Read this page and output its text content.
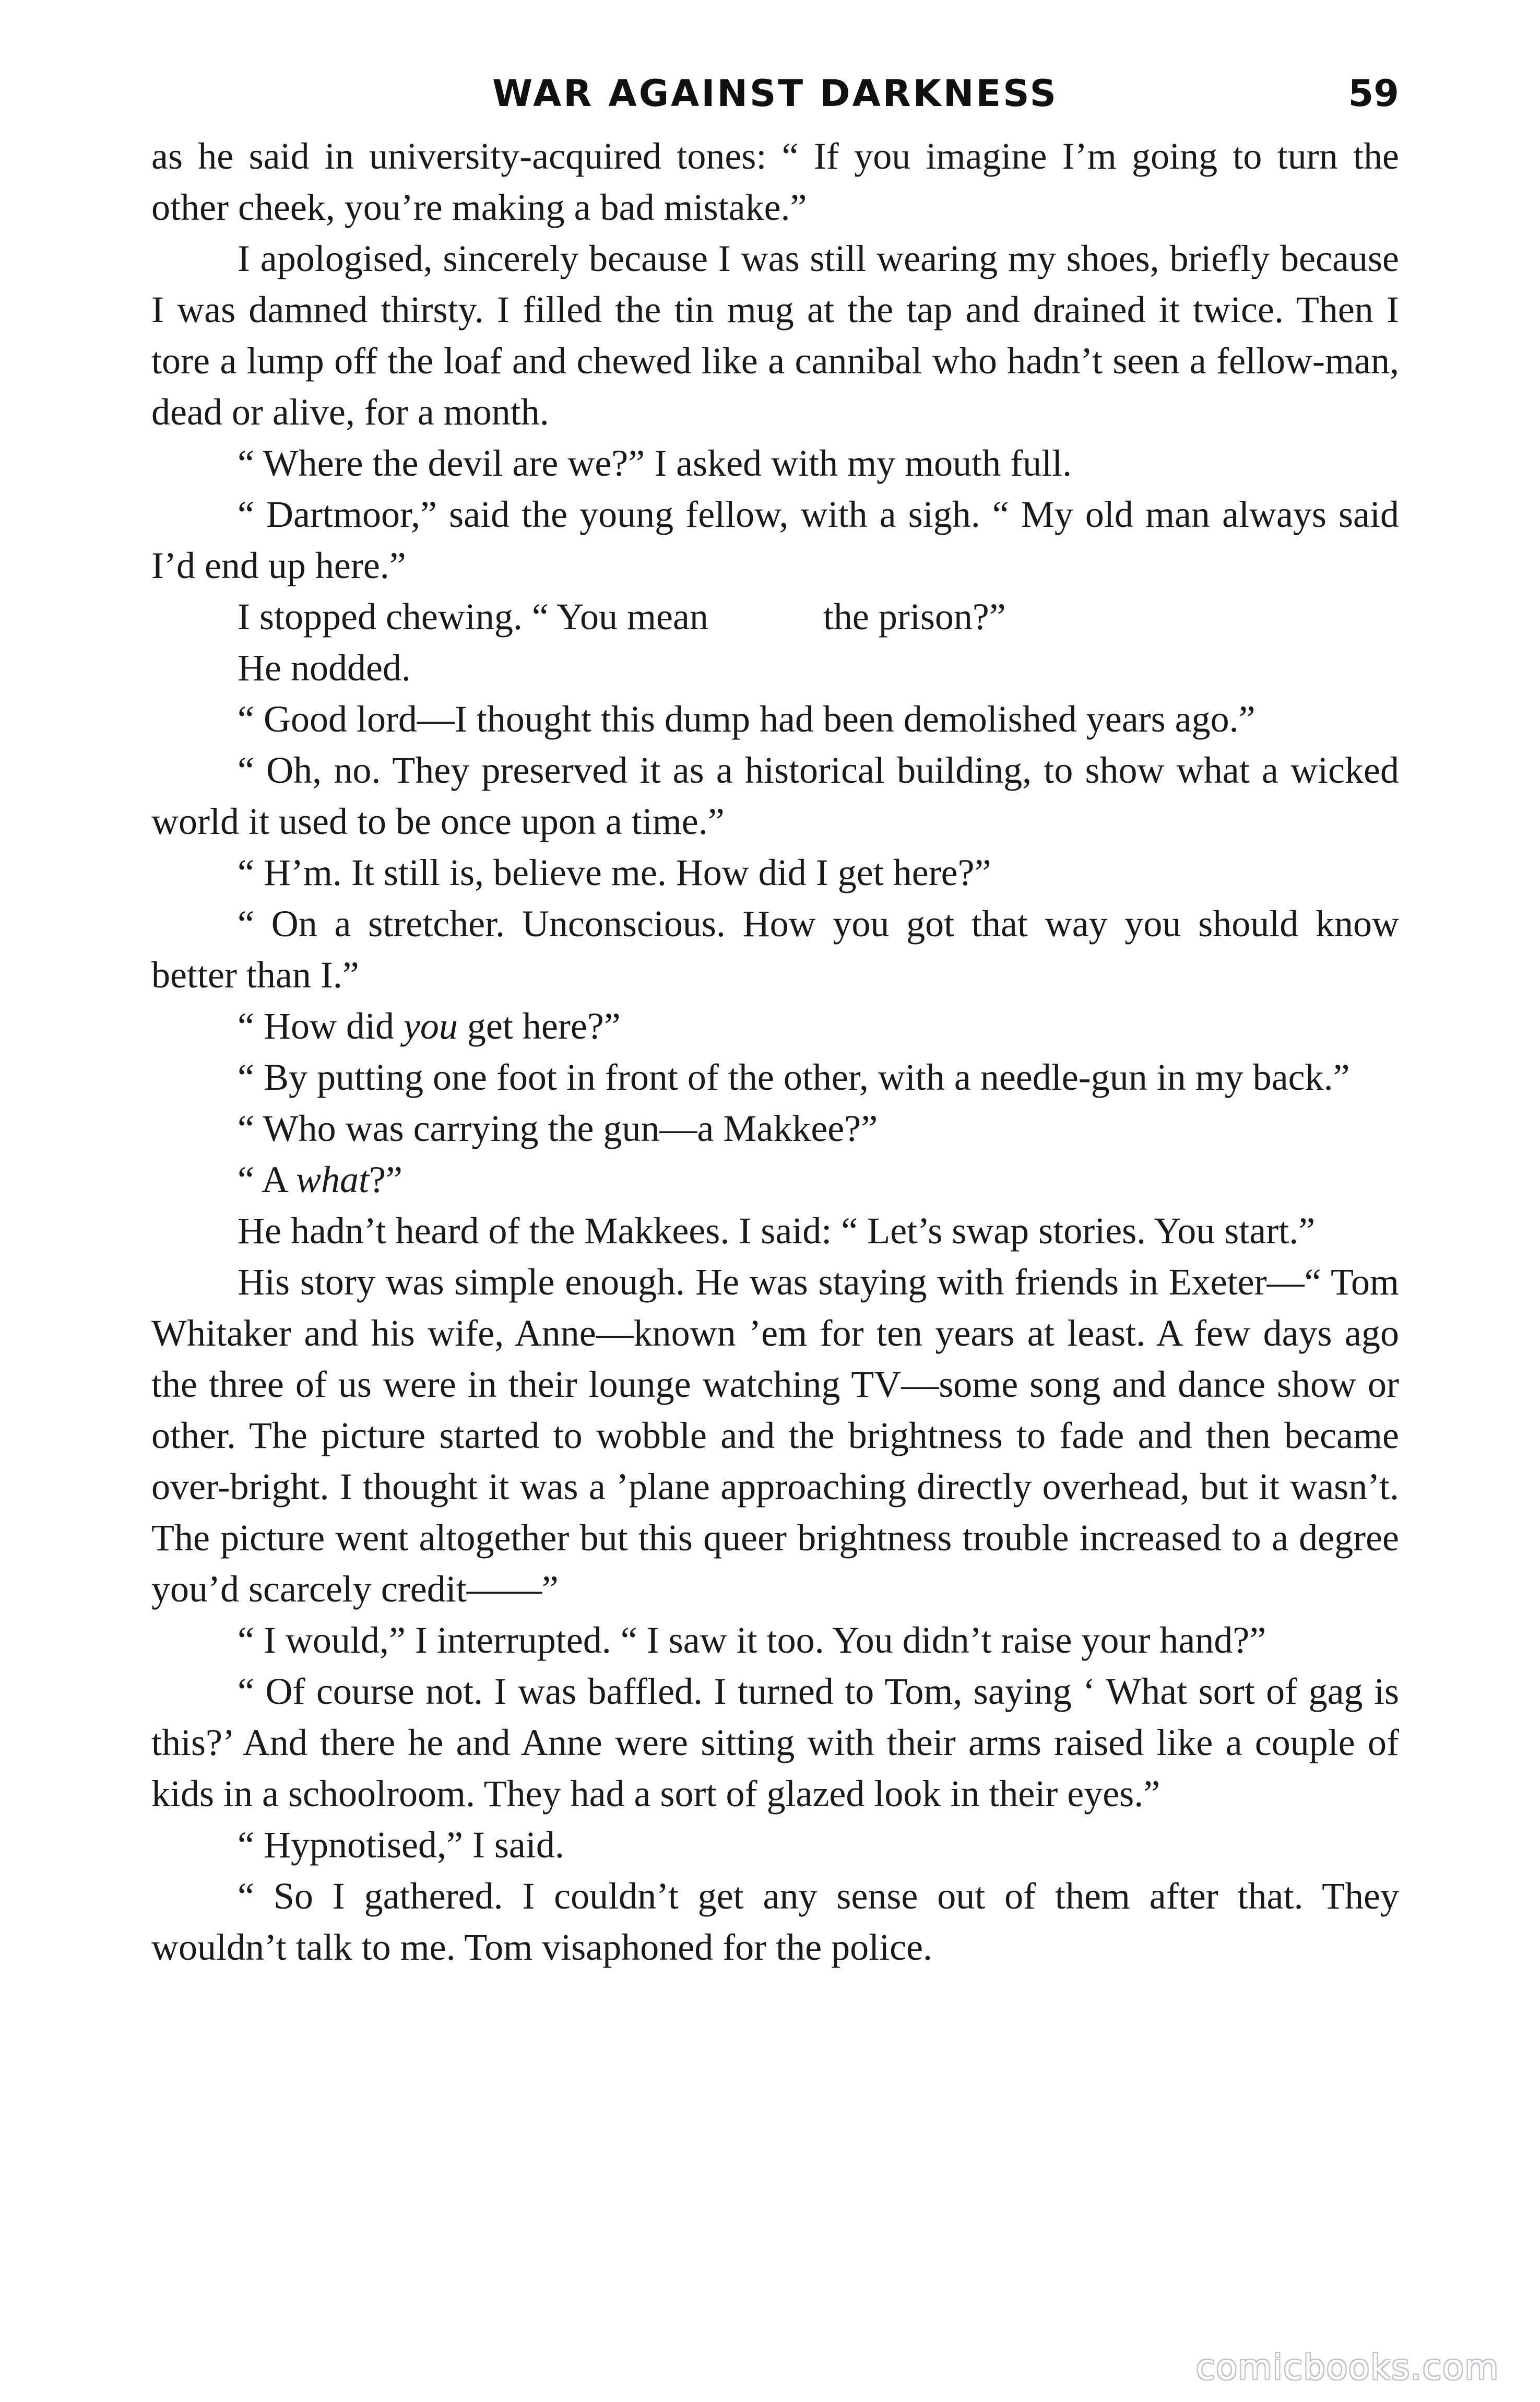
WAR AGAINST DARKNESS	59

as he said in university-acquired tones: “ If you imagine I’m going to turn the other cheek, you’re making a bad mistake.”

I apologised, sincerely because I was still wearing my shoes, briefly because I was damned thirsty. I filled the tin mug at the tap and drained it twice. Then I tore a lump off the loaf and chewed like a cannibal who hadn’t seen a fellow-man, dead or alive, for a month.

“ Where the devil are we?” I asked with my mouth full.

“ Dartmoor,” said the young fellow, with a sigh. “ My old man always said I’d end up here.”

I stopped chewing. “ You mean	the prison?”

He nodded.

“ Good lord—I thought this dump had been demolished years ago.”

“ Oh, no. They preserved it as a historical building, to show what a wicked world it used to be once upon a time.”

“ H’m. It still is, believe me. How did I get here?”

“ On a stretcher. Unconscious. How you got that way you should know better than I.”

“ How did you get here?”

“ By putting one foot in front of the other, with a needle-gun in my back.”

“ Who was carrying the gun—a Makkee?”

“ A what?”

He hadn’t heard of the Makkees. I said: “ Let’s swap stories. You start.”

His story was simple enough. He was staying with friends in Exeter—“ Tom Whitaker and his wife, Anne—known ’em for ten years at least. A few days ago the three of us were in their lounge watching TV—some song and dance show or other. The picture started to wobble and the brightness to fade and then became over-bright. I thought it was a ’plane approaching directly overhead, but it wasn’t. The picture went altogether but this queer brightness trouble increased to a degree you’d scarcely credit——”

“ I would,” I interrupted. “ I saw it too. You didn’t raise your hand?”

“ Of course not. I was baffled. I turned to Tom, saying ‘ What sort of gag is this?’ And there he and Anne were sitting with their arms raised like a couple of kids in a schoolroom. They had a sort of glazed look in their eyes.”

“ Hypnotised,” I said.

“ So I gathered. I couldn’t get any sense out of them after that. They wouldn’t talk to me. Tom visaphoned for the police.

comicbooks.com
